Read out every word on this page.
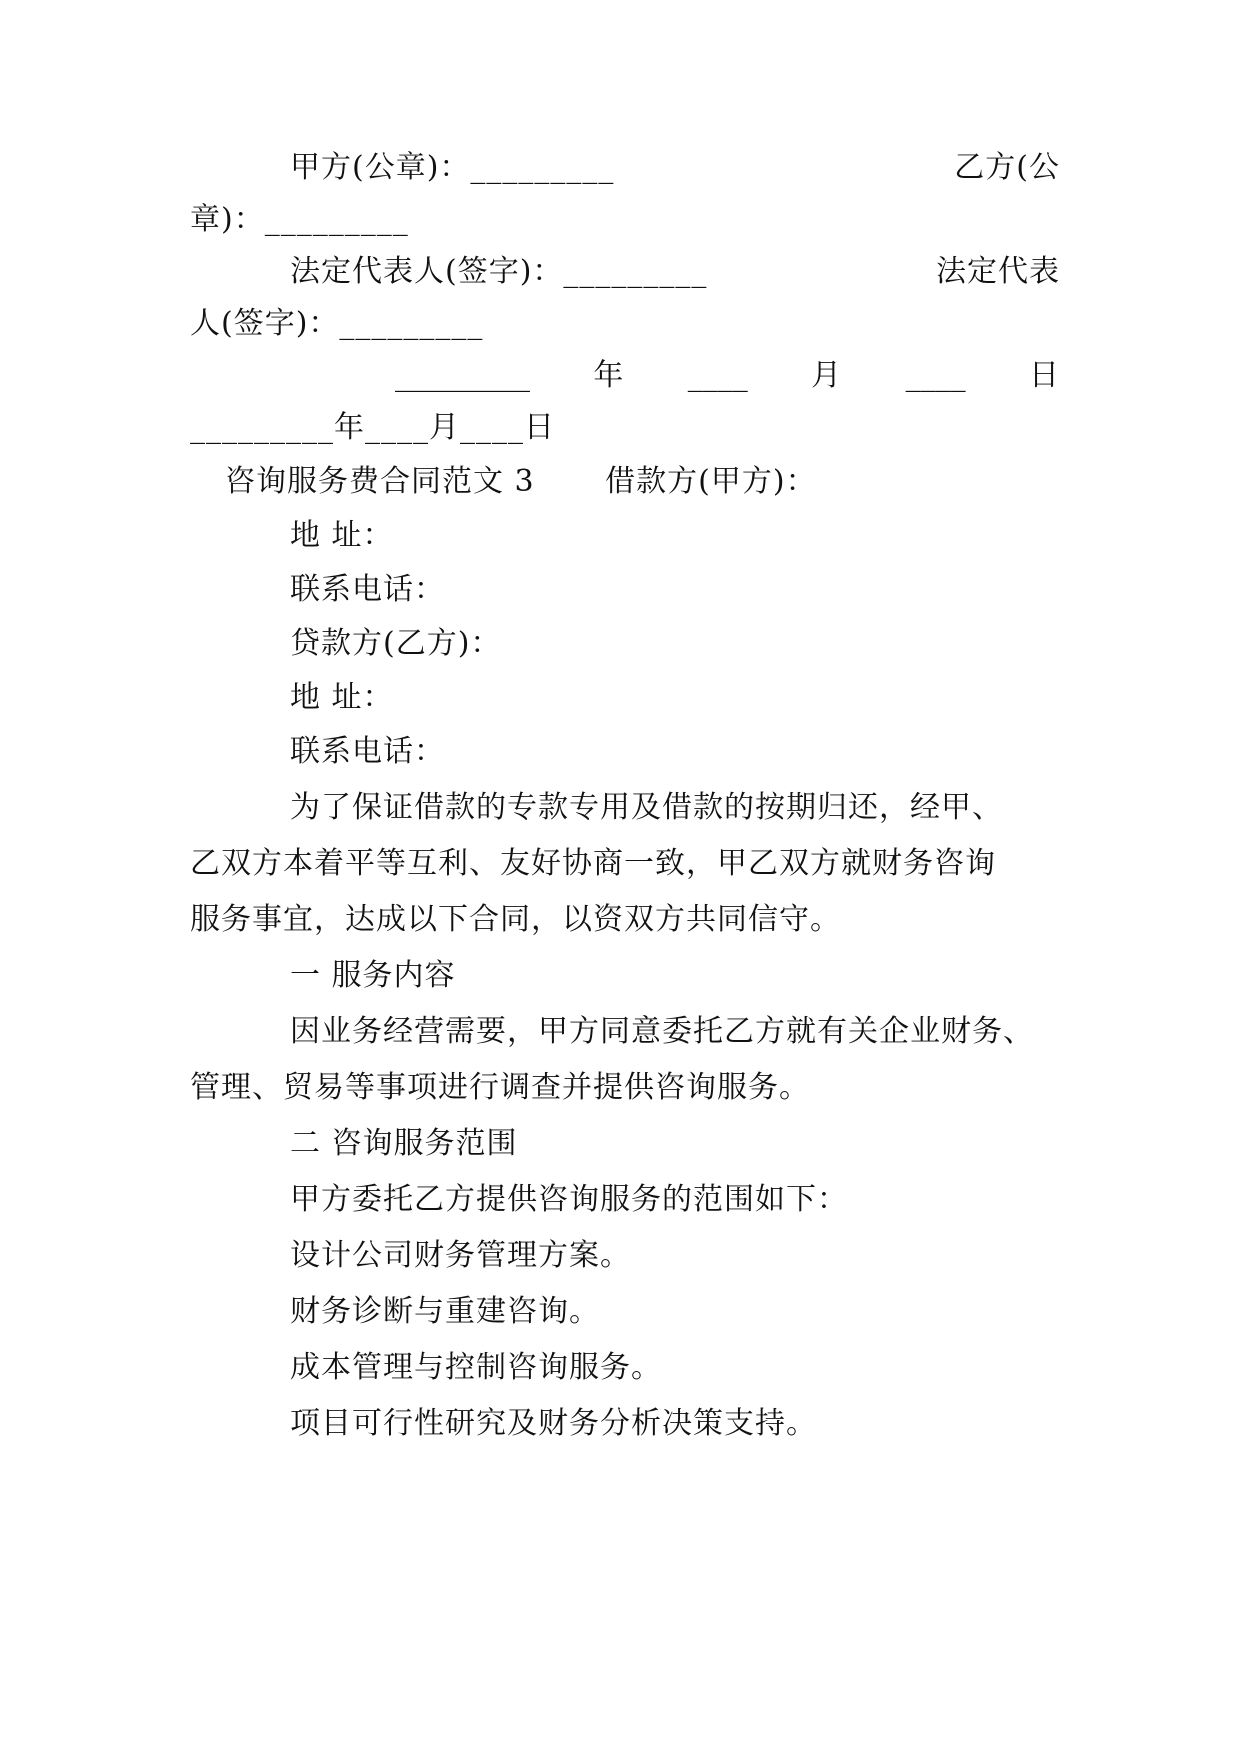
甲方(公章)：_________	乙方(公
章)：_________
法定代表人(签字)：_________	法定代表
人(签字)：_________
_________ 年 ____ 月 ____ 日
_________年____月____日
咨询服务费合同范文 3 借款方(甲方)：
地 址：
联系电话：
贷款方(乙方)：
地 址：
联系电话：
为了保证借款的专款专用及借款的按期归还，经甲、
乙双方本着平等互利、友好协商一致，甲乙双方就财务咨询
服务事宜，达成以下合同，以资双方共同信守。
一 服务内容
因业务经营需要，甲方同意委托乙方就有关企业财务、
管理、贸易等事项进行调查并提供咨询服务。
二 咨询服务范围
甲方委托乙方提供咨询服务的范围如下：
设计公司财务管理方案。
财务诊断与重建咨询。
成本管理与控制咨询服务。
项目可行性研究及财务分析决策支持。
